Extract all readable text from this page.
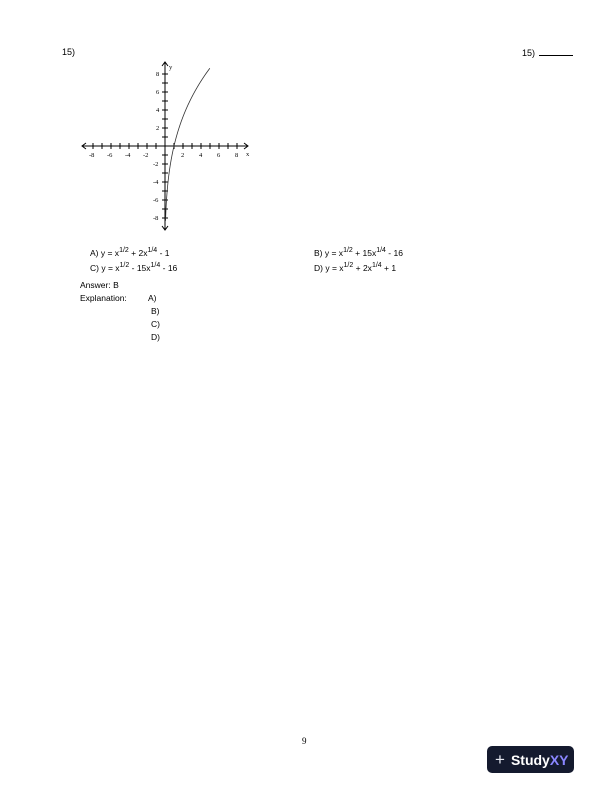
15)	15)
x
y
-8 -6 -4 -2	2 4 6 8
8
6
4
2
-2
-4
-6
-8
A) $y = x^{1/2} + 2x^{1/4} - 1$	B) $y = x^{1/2} + 15x^{1/4} - 16$
C) $y = x^{1/2} - 15x^{1/4} - 16$	D) $y = x^{1/2} + 2x^{1/4} + 1$
Answer: B
Explanation: A)
B)
C)
D)
9
+ StudyXY
